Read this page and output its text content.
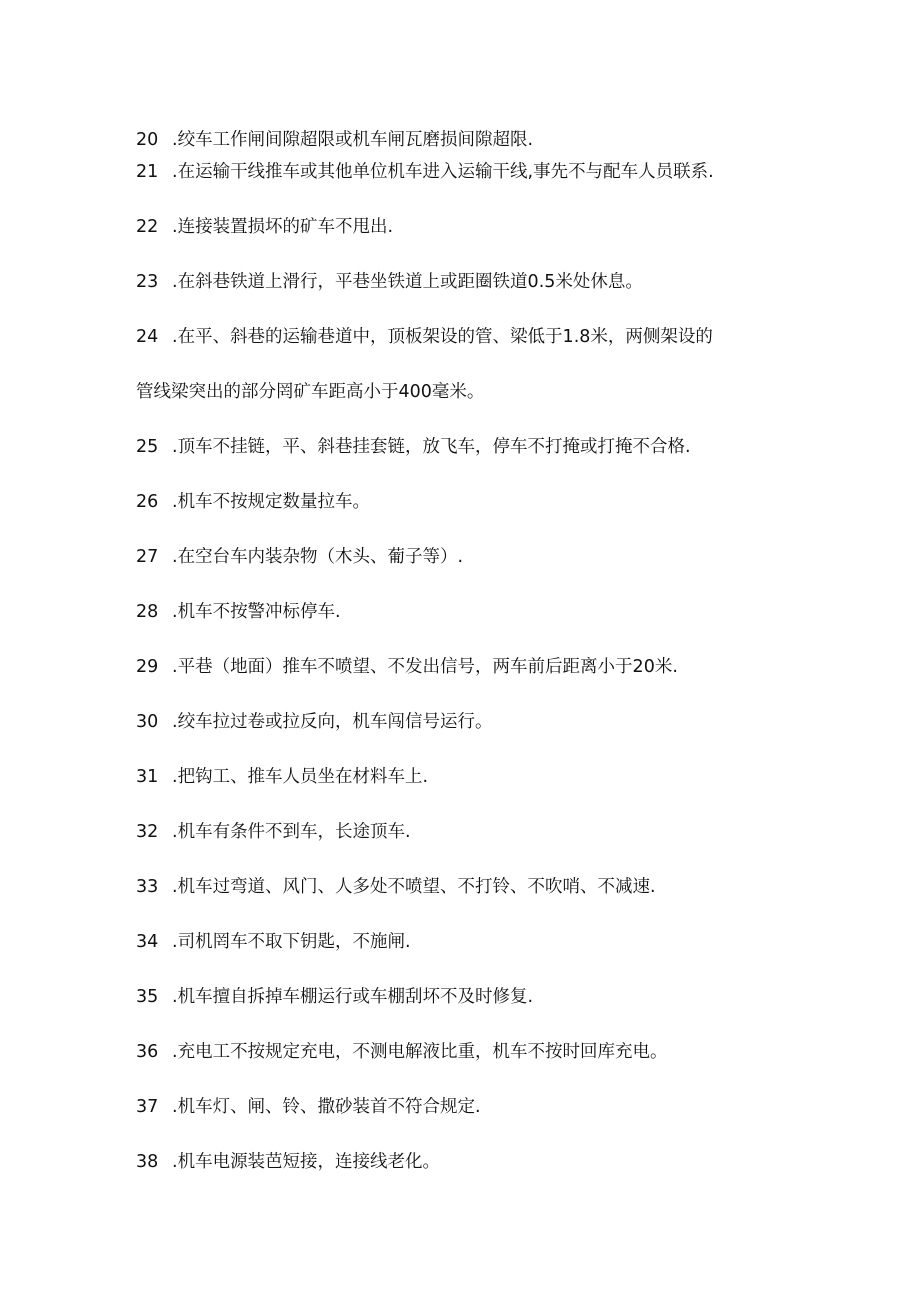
20 .绞车工作闸间隙超限或机车闸瓦磨损间隙超限.
21 .在运输干线推车或其他单位机车进入运输干线,事先不与配车人员联系.
22 .连接装置损坏的矿车不甩出.
23 .在斜巷铁道上滑行，平巷坐铁道上或距圈铁道0.5米处休息。
24 .在平、斜巷的运输巷道中，顶板架设的管、梁低于1.8米，两侧架设的
管线梁突出的部分罔矿车距高小于400毫米。
25 .顶车不挂链，平、斜巷挂套链，放飞车，停车不打掩或打掩不合格.
26 .机车不按规定数量拉车。
27 .在空台车内装杂物（木头、葡子等）.
28 .机车不按警冲标停车.
29 .平巷（地面）推车不喷望、不发出信号，两车前后距离小于20米.
30 .绞车拉过卷或拉反向，机车闯信号运行。
31 .把钩工、推车人员坐在材料车上.
32 .机车有条件不到车，长途顶车.
33 .机车过弯道、风门、人多处不喷望、不打铃、不吹哨、不减速.
34 .司机罔车不取下钥匙，不施闸.
35 .机车擅自拆掉车棚运行或车棚刮坏不及时修复.
36 .充电工不按规定充电，不测电解液比重，机车不按时回库充电。
37 .机车灯、闸、铃、撒砂装首不符合规定.
38 .机车电源装芭短接，连接线老化。
